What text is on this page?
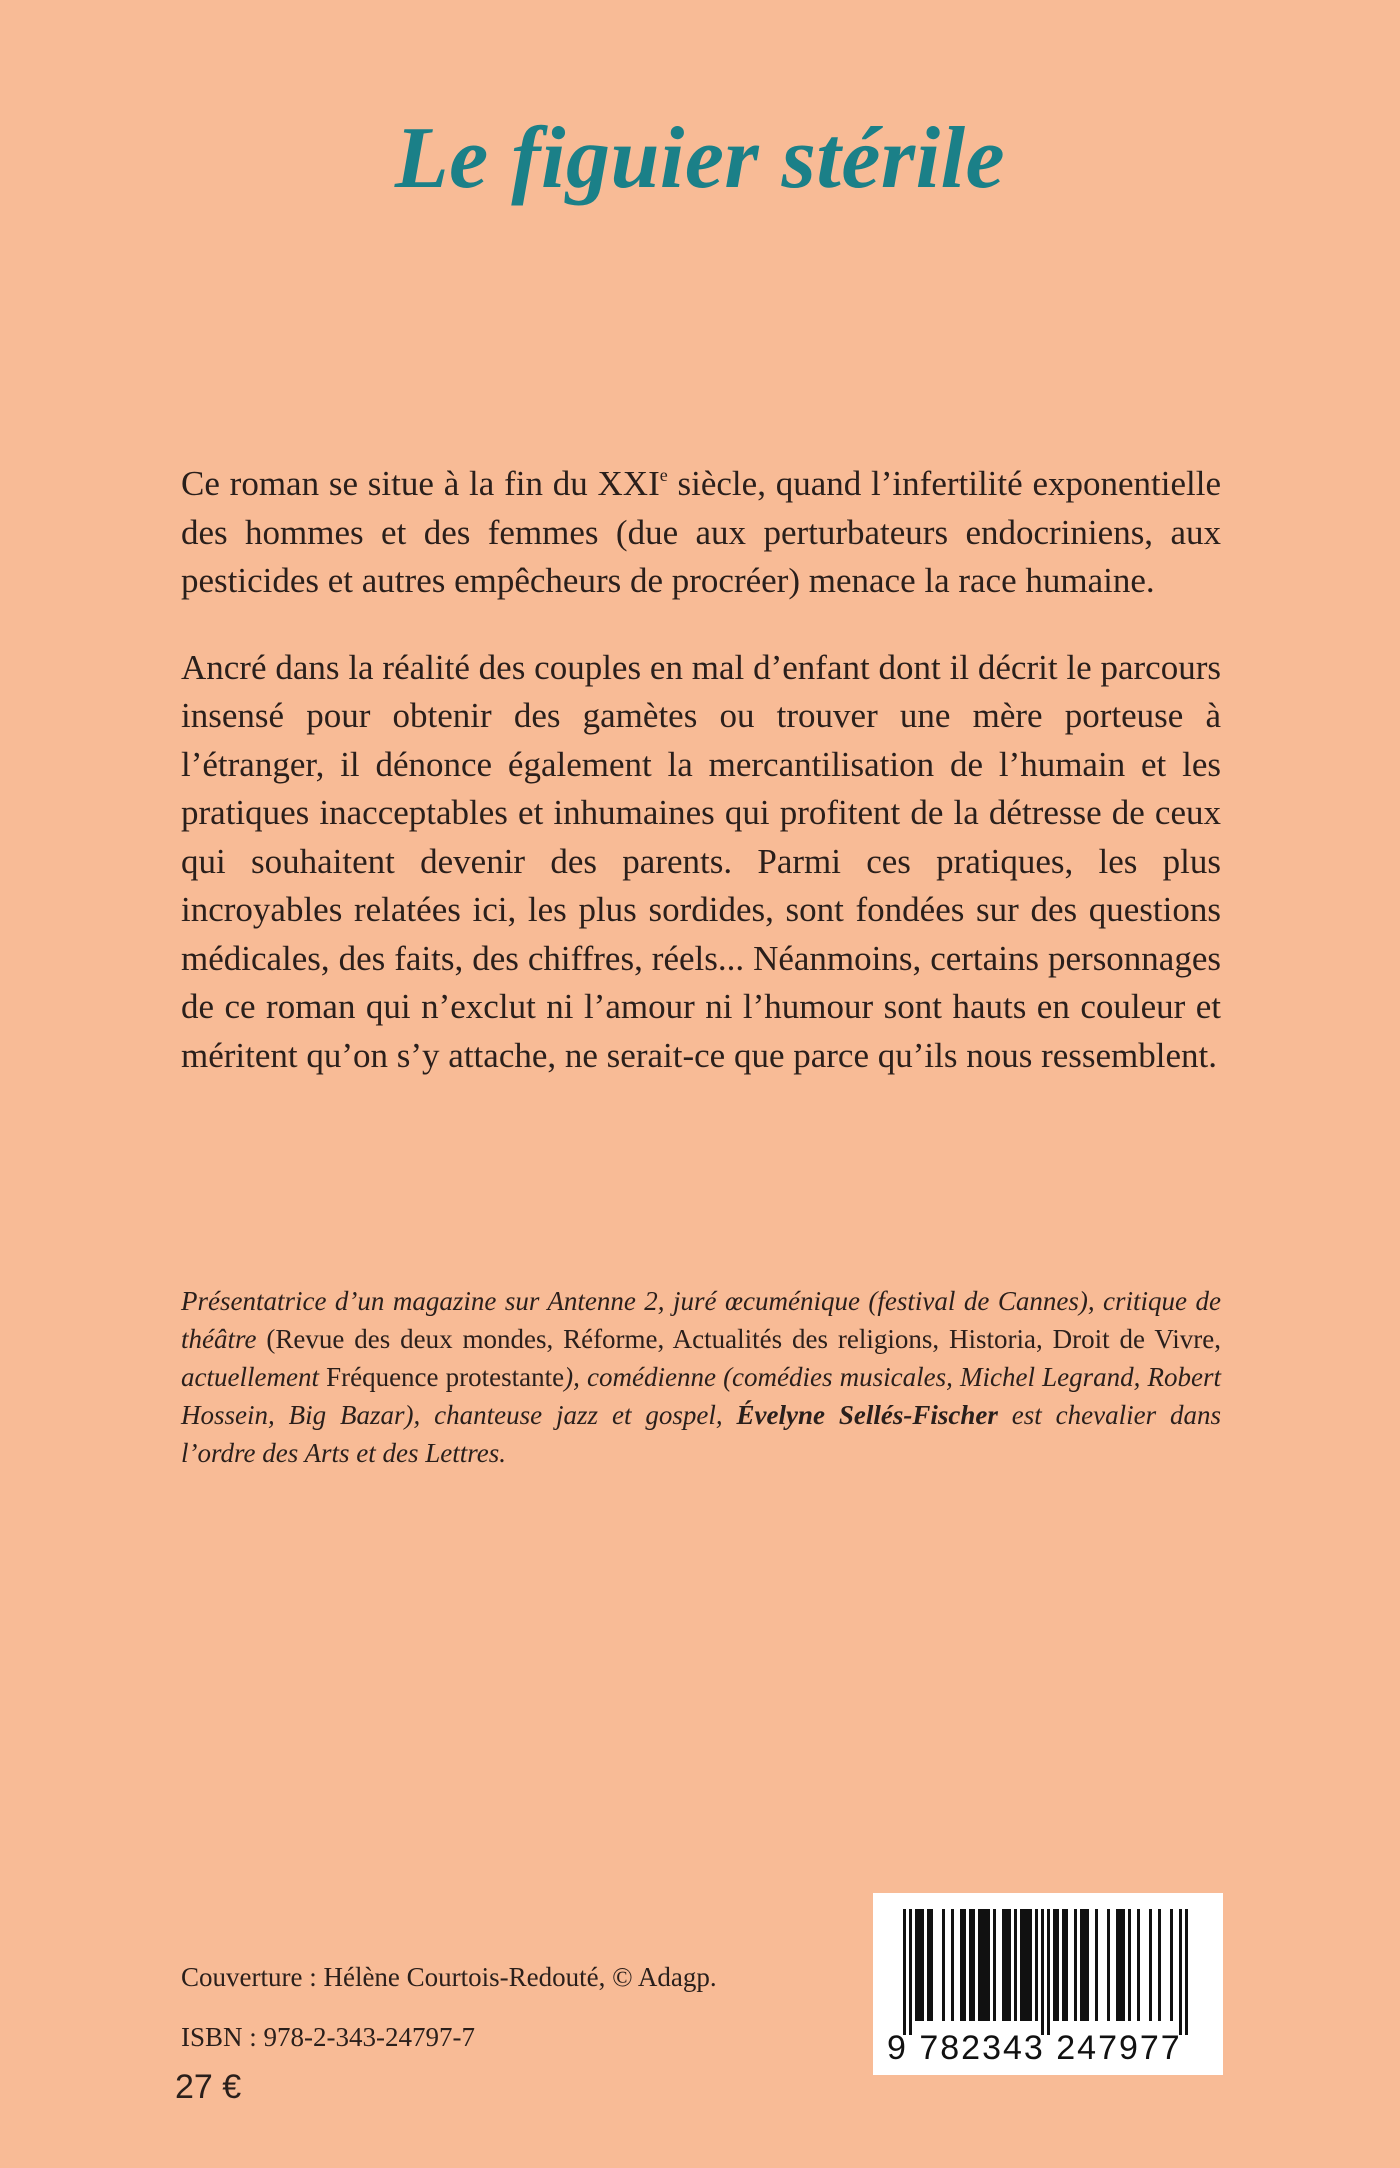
Le figuier stérile

Ce roman se situe à la fin du XXIe siècle, quand l’infertilité exponentielle des hommes et des femmes (due aux perturbateurs endocriniens, aux pesticides et autres empêcheurs de procréer) menace la race humaine.

Ancré dans la réalité des couples en mal d’enfant dont il décrit le parcours insensé pour obtenir des gamètes ou trouver une mère porteuse à l’étranger, il dénonce également la mercantilisation de l’humain et les pratiques inacceptables et inhumaines qui profitent de la détresse de ceux qui souhaitent devenir des parents. Parmi ces pratiques, les plus incroyables relatées ici, les plus sordides, sont fondées sur des questions médicales, des faits, des chiffres, réels... Néanmoins, certains personnages de ce roman qui n’exclut ni l’amour ni l’humour sont hauts en couleur et méritent qu’on s’y attache, ne serait-ce que parce qu’ils nous ressemblent.

Présentatrice d’un magazine sur Antenne 2, juré œcuménique (festival de Cannes), critique de théâtre (Revue des deux mondes, Réforme, Actualités des religions, Historia, Droit de Vivre, actuellement Fréquence protestante), comédienne (comédies musicales, Michel Legrand, Robert Hossein, Big Bazar), chanteuse jazz et gospel, Évelyne Sellés-Fischer est chevalier dans l’ordre des Arts et des Lettres.
Couverture : Hélène Courtois-Redouté, © Adagp.
ISBN : 978-2-343-24797-7
27 €
9 782343 247977
